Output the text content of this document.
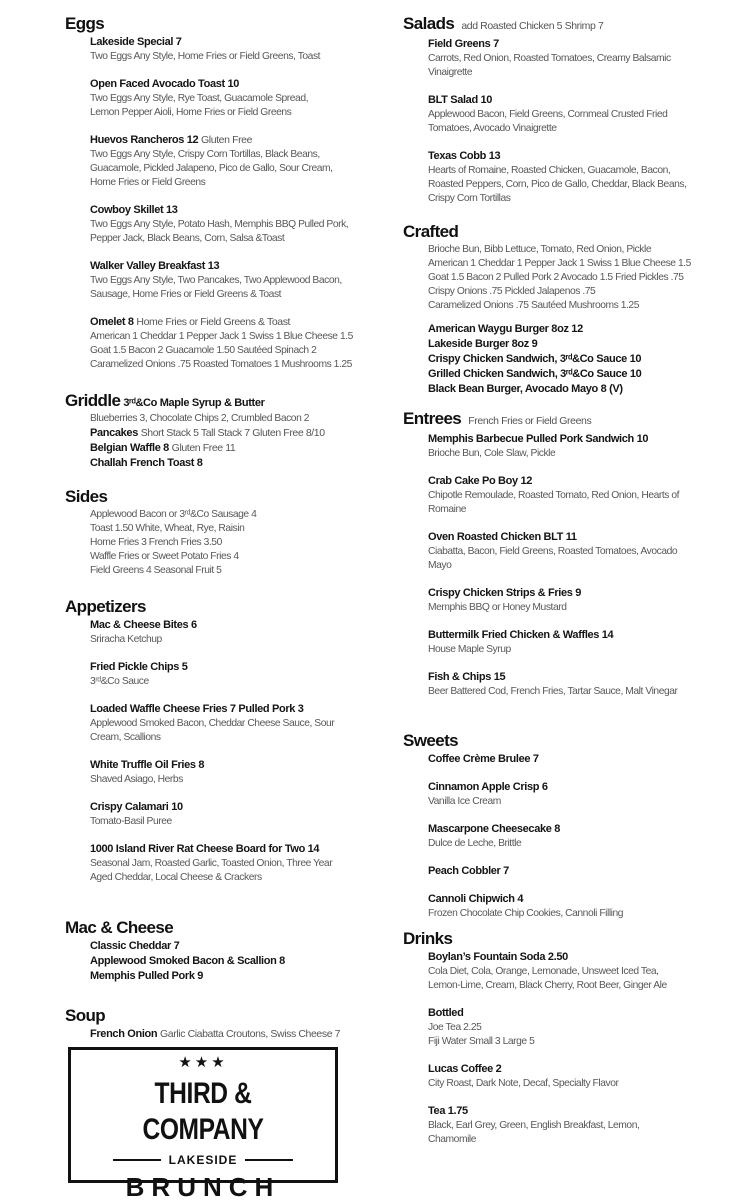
Eggs
Lakeside Special 7
Two Eggs Any Style, Home Fries or Field Greens, Toast
Open Faced Avocado Toast 10
Two Eggs Any Style, Rye Toast, Guacamole Spread,
Lemon Pepper Aioli, Home Fries or Field Greens
Huevos Rancheros 12 Gluten Free
Two Eggs Any Style, Crispy Corn Tortillas, Black Beans,
Guacamole, Pickled Jalapeno, Pico de Gallo, Sour Cream,
Home Fries or Field Greens
Cowboy Skillet 13
Two Eggs Any Style, Potato Hash, Memphis BBQ Pulled Pork,
Pepper Jack, Black Beans, Corn, Salsa &Toast
Walker Valley Breakfast 13
Two Eggs Any Style, Two Pancakes, Two Applewood Bacon,
Sausage, Home Fries or Field Greens & Toast
Omelet 8 Home Fries or Field Greens & Toast
American 1 Cheddar 1 Pepper Jack 1 Swiss 1 Blue Cheese 1.5
Goat 1.5 Bacon 2 Guacamole 1.50 Sautéed Spinach 2
Caramelized Onions .75 Roasted Tomatoes 1 Mushrooms 1.25
Griddle 3ʳᵈ&Co Maple Syrup & Butter
Blueberries 3, Chocolate Chips 2, Crumbled Bacon 2
Pancakes Short Stack 5 Tall Stack 7 Gluten Free 8/10
Belgian Waffle 8 Gluten Free 11
Challah French Toast 8
Sides
Applewood Bacon or 3ʳᵈ&Co Sausage 4
Toast 1.50 White, Wheat, Rye, Raisin
Home Fries 3 French Fries 3.50
Waffle Fries or Sweet Potato Fries 4
Field Greens 4 Seasonal Fruit 5
Appetizers
Mac & Cheese Bites 6
Sriracha Ketchup
Fried Pickle Chips 5
3ʳᵈ&Co Sauce
Loaded Waffle Cheese Fries 7 Pulled Pork 3
Applewood Smoked Bacon, Cheddar Cheese Sauce, Sour
Cream, Scallions
White Truffle Oil Fries 8
Shaved Asiago, Herbs
Crispy Calamari 10
Tomato-Basil Puree
1000 Island River Rat Cheese Board for Two 14
Seasonal Jam, Roasted Garlic, Toasted Onion, Three Year
Aged Cheddar, Local Cheese & Crackers
Mac & Cheese
Classic Cheddar 7
Applewood Smoked Bacon & Scallion 8
Memphis Pulled Pork 9
Soup
French Onion Garlic Ciabatta Croutons, Swiss Cheese 7
Salads add Roasted Chicken 5 Shrimp 7
Field Greens 7
Carrots, Red Onion, Roasted Tomatoes, Creamy Balsamic
Vinaigrette
BLT Salad 10
Applewood Bacon, Field Greens, Cornmeal Crusted Fried
Tomatoes, Avocado Vinaigrette
Texas Cobb 13
Hearts of Romaine, Roasted Chicken, Guacamole, Bacon,
Roasted Peppers, Corn, Pico de Gallo, Cheddar, Black Beans,
Crispy Corn Tortillas
Crafted
Brioche Bun, Bibb Lettuce, Tomato, Red Onion, Pickle
American 1 Cheddar 1 Pepper Jack 1 Swiss 1 Blue Cheese 1.5
Goat 1.5 Bacon 2 Pulled Pork 2 Avocado 1.5 Fried Pickles .75
Crispy Onions .75 Pickled Jalapenos .75
Caramelized Onions .75 Sautéed Mushrooms 1.25
American Waygu Burger 8oz 12
Lakeside Burger 8oz 9
Crispy Chicken Sandwich, 3ʳᵈ&Co Sauce 10
Grilled Chicken Sandwich, 3ʳᵈ&Co Sauce 10
Black Bean Burger, Avocado Mayo 8 (V)
Entrees French Fries or Field Greens
Memphis Barbecue Pulled Pork Sandwich 10
Brioche Bun, Cole Slaw, Pickle
Crab Cake Po Boy 12
Chipotle Remoulade, Roasted Tomato, Red Onion, Hearts of
Romaine
Oven Roasted Chicken BLT 11
Ciabatta, Bacon, Field Greens, Roasted Tomatoes, Avocado
Mayo
Crispy Chicken Strips & Fries 9
Memphis BBQ or Honey Mustard
Buttermilk Fried Chicken & Waffles 14
House Maple Syrup
Fish & Chips 15
Beer Battered Cod, French Fries, Tartar Sauce, Malt Vinegar
Sweets
Coffee Crème Brulee 7
Cinnamon Apple Crisp 6
Vanilla Ice Cream
Mascarpone Cheesecake 8
Dulce de Leche, Brittle
Peach Cobbler 7
Cannoli Chipwich 4
Frozen Chocolate Chip Cookies, Cannoli Filling
Drinks
Boylan’s Fountain Soda 2.50
Cola Diet, Cola, Orange, Lemonade, Unsweet Iced Tea,
Lemon-Lime, Cream, Black Cherry, Root Beer, Ginger Ale
Bottled
Joe Tea 2.25
Fiji Water Small 3 Large 5
Lucas Coffee 2
City Roast, Dark Note, Decaf, Specialty Flavor
Tea 1.75
Black, Earl Grey, Green, English Breakfast, Lemon,
Chamomile
★★★
THIRD & COMPANY
LAKESIDE
BRUNCH
